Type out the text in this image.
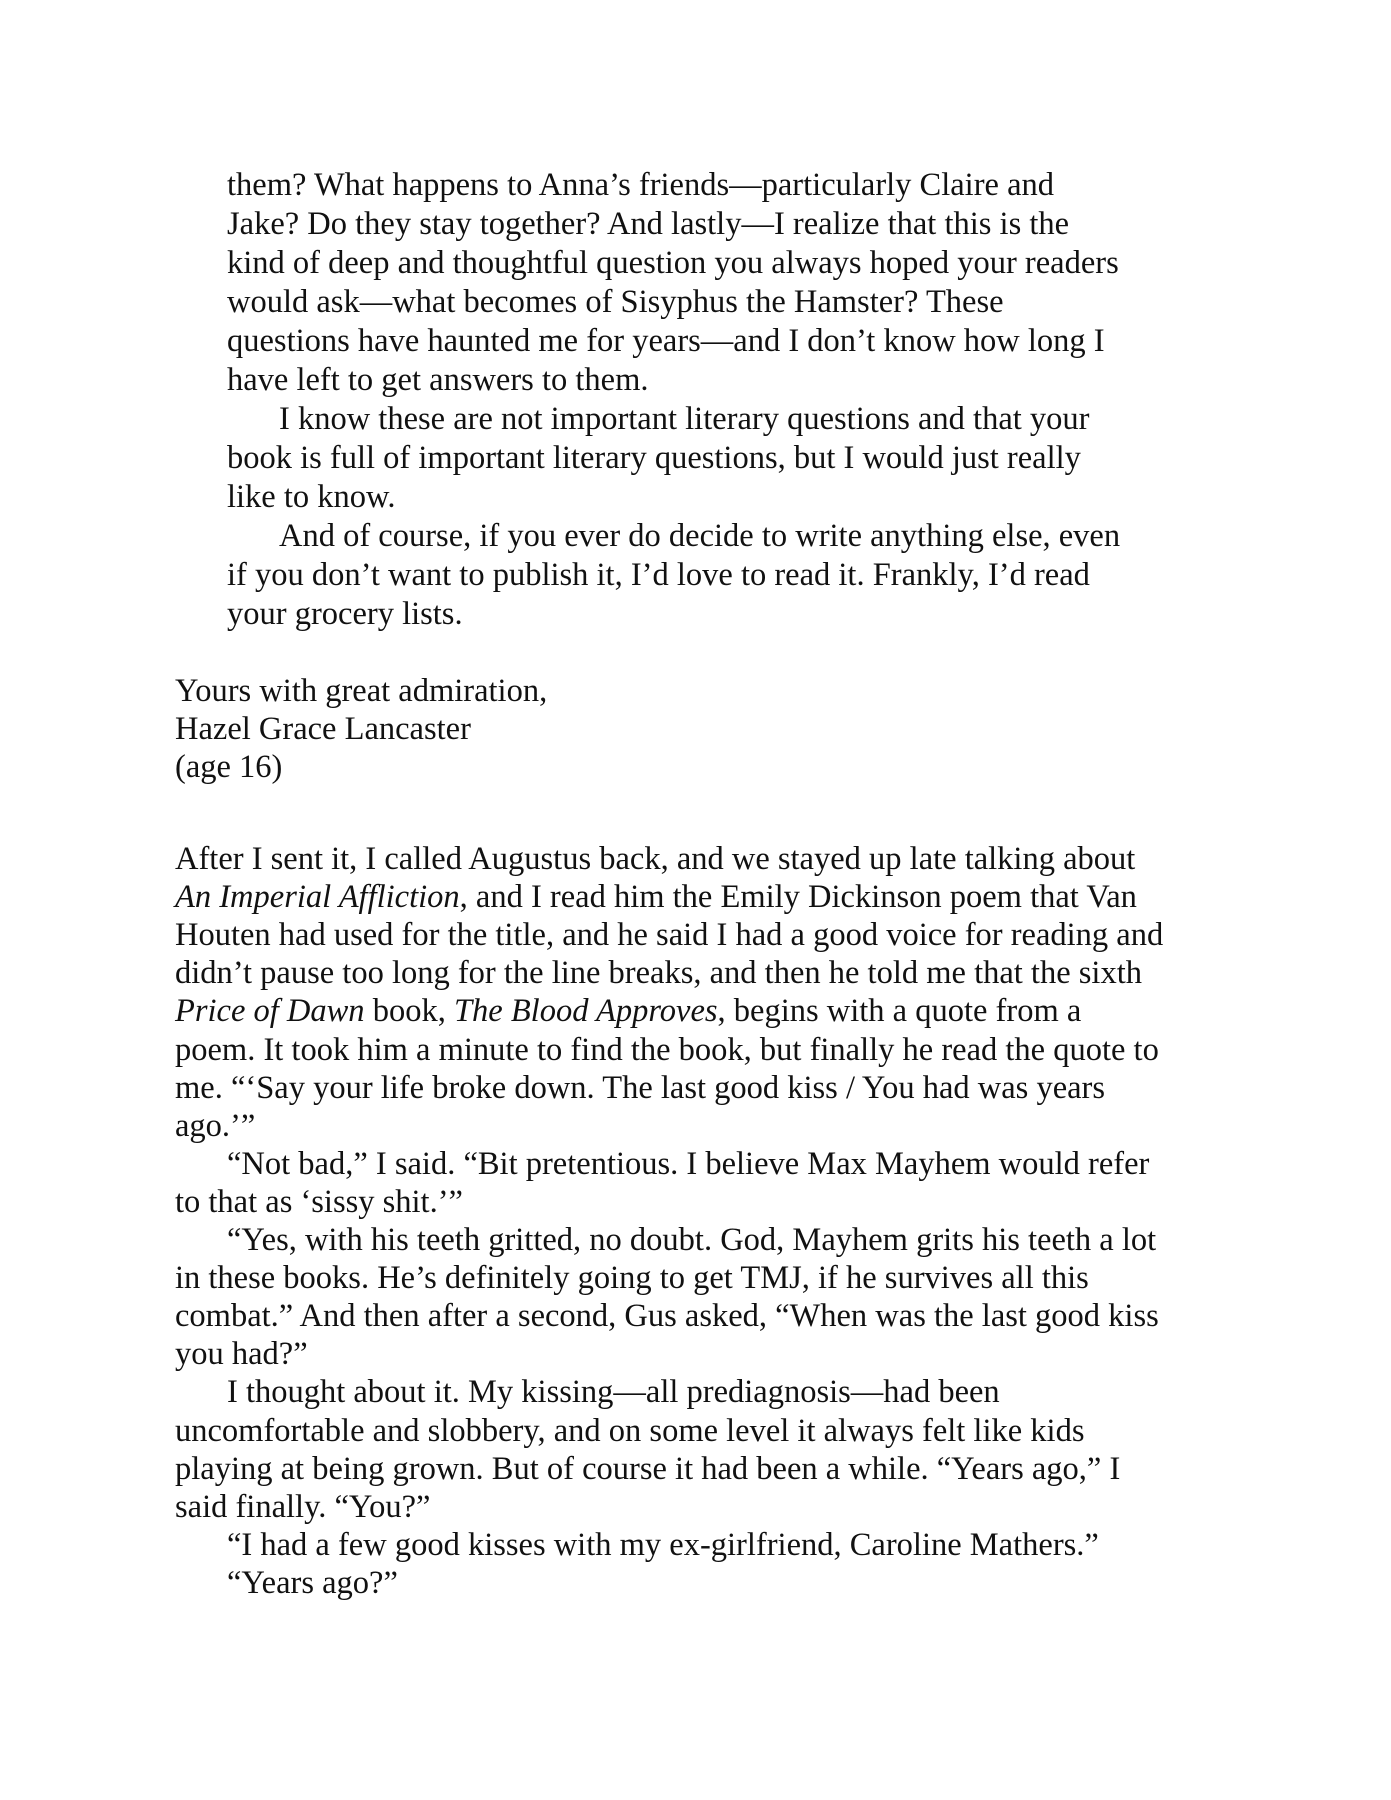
them? What happens to Anna’s friends—particularly Claire and
Jake? Do they stay together? And lastly—I realize that this is the
kind of deep and thoughtful question you always hoped your readers
would ask—what becomes of Sisyphus the Hamster? These
questions have haunted me for years—and I don’t know how long I
have left to get answers to them.
I know these are not important literary questions and that your
book is full of important literary questions, but I would just really
like to know.
And of course, if you ever do decide to write anything else, even
if you don’t want to publish it, I’d love to read it. Frankly, I’d read
your grocery lists.
Yours with great admiration,
Hazel Grace Lancaster
(age 16)
After I sent it, I called Augustus back, and we stayed up late talking about
An Imperial Affliction, and I read him the Emily Dickinson poem that Van
Houten had used for the title, and he said I had a good voice for reading and
didn’t pause too long for the line breaks, and then he told me that the sixth
Price of Dawn book, The Blood Approves, begins with a quote from a
poem. It took him a minute to find the book, but finally he read the quote to
me. “‘Say your life broke down. The last good kiss / You had was years
ago.’”
“Not bad,” I said. “Bit pretentious. I believe Max Mayhem would refer
to that as ‘sissy shit.’”
“Yes, with his teeth gritted, no doubt. God, Mayhem grits his teeth a lot
in these books. He’s definitely going to get TMJ, if he survives all this
combat.” And then after a second, Gus asked, “When was the last good kiss
you had?”
I thought about it. My kissing—all prediagnosis—had been
uncomfortable and slobbery, and on some level it always felt like kids
playing at being grown. But of course it had been a while. “Years ago,” I
said finally. “You?”
“I had a few good kisses with my ex-girlfriend, Caroline Mathers.”
“Years ago?”
